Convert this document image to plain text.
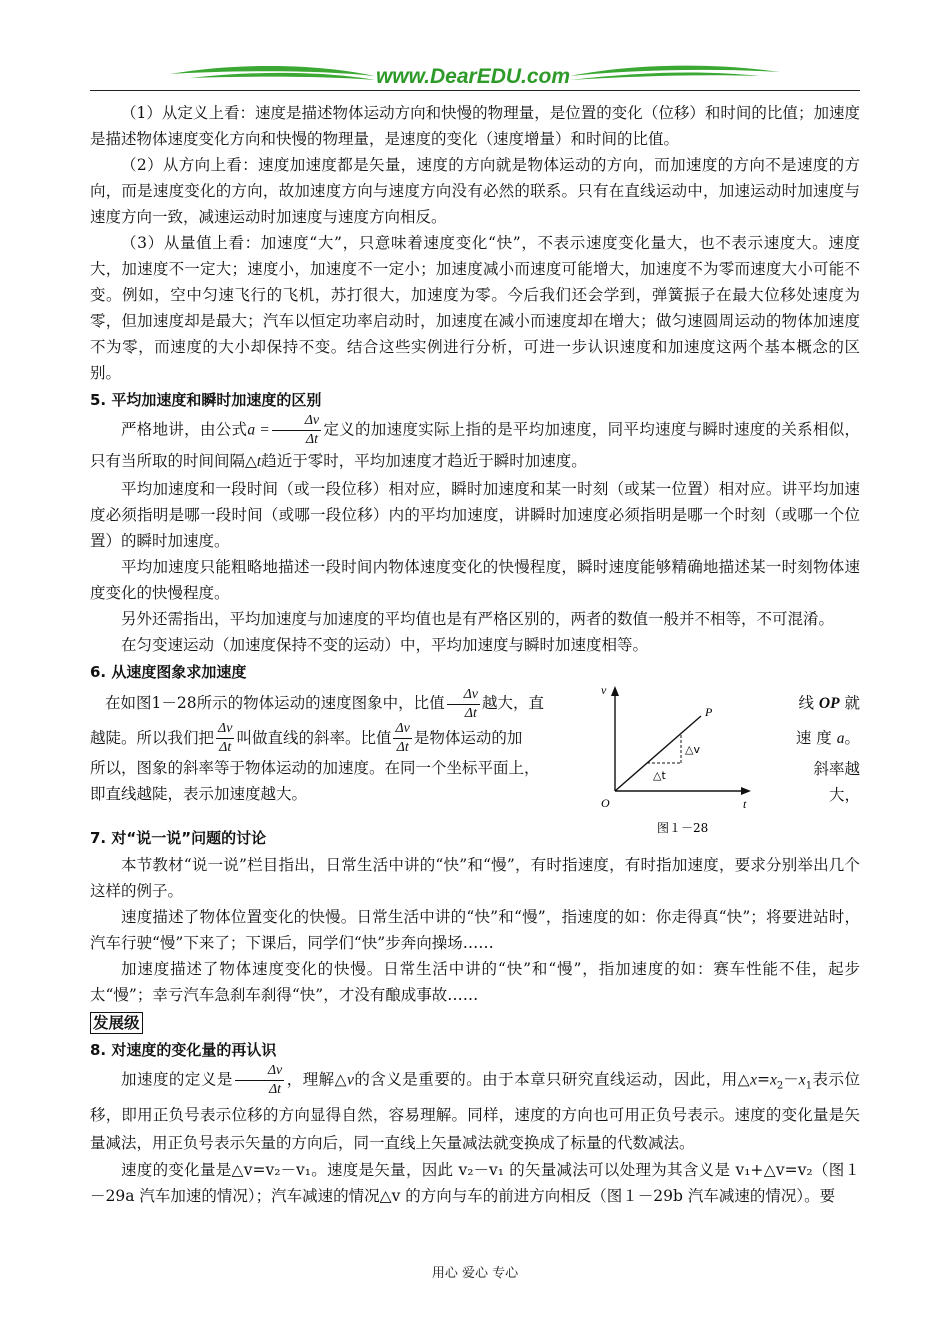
www.DearEDU.com

（1）从定义上看：速度是描述物体运动方向和快慢的物理量，是位置的变化（位移）和时间的比值；加速度是描述物体速度变化方向和快慢的物理量，是速度的变化（速度增量）和时间的比值。

（2）从方向上看：速度加速度都是矢量，速度的方向就是物体运动的方向，而加速度的方向不是速度的方向，而是速度变化的方向，故加速度方向与速度方向没有必然的联系。只有在直线运动中，加速运动时加速度与速度方向一致，减速运动时加速度与速度方向相反。

（3）从量值上看：加速度“大”，只意味着速度变化“快”，不表示速度变化量大，也不表示速度大。速度大，加速度不一定大；速度小，加速度不一定小；加速度减小而速度可能增大，加速度不为零而速度大小可能不变。例如，空中匀速飞行的飞机，苏打很大，加速度为零。今后我们还会学到，弹簧振子在最大位移处速度为零，但加速度却是最大；汽车以恒定功率启动时，加速度在减小而速度却在增大；做匀速圆周运动的物体加速度不为零，而速度的大小却保持不变。结合这些实例进行分析，可进一步认识速度和加速度这两个基本概念的区别。

5. 平均加速度和瞬时加速度的区别

严格地讲，由公式$a = \frac{\Delta v}{\Delta t}$ 定义的加速度实际上指的是平均加速度，同平均速度与瞬时速度的关系相似，只有当所取的时间间隔△t趋近于零时，平均加速度才趋近于瞬时加速度。

平均加速度和一段时间（或一段位移）相对应，瞬时加速度和某一时刻（或某一位置）相对应。讲平均加速度必须指明是哪一段时间（或哪一段位移）内的平均加速度，讲瞬时加速度必须指明是哪一个时刻（或哪一个位置）的瞬时加速度。

平均加速度只能粗略地描述一段时间内物体速度变化的快慢程度，瞬时速度能够精确地描述某一时刻物体速度变化的快慢程度。

另外还需指出，平均加速度与加速度的平均值也是有严格区别的，两者的数值一般并不相等，不可混淆。

在匀变速运动（加速度保持不变的运动）中，平均加速度与瞬时加速度相等。

6. 从速度图象求加速度

在如图1－28所示的物体运动的速度图象中，比值 $\frac{\Delta v}{\Delta t}$ 越大，直

越陡。所以我们把 $\frac{\Delta v}{\Delta t}$ 叫做直线的斜率。比值 $\frac{\Delta v}{\Delta t}$ 是物体运动的加

所以，图象的斜率等于物体运动的加速度。在同一个坐标平面上，

即直线越陡，表示加速度越大。

v
t
O
P
△v
△t
图１－28

线 OP 就

速 度 a。

斜率越大，

7. 对“说一说”问题的讨论

本节教材“说一说”栏目指出，日常生活中讲的“快”和“慢”，有时指速度，有时指加速度，要求分别举出几个这样的例子。

速度描述了物体位置变化的快慢。日常生活中讲的“快”和“慢”，指速度的如：你走得真“快”；将要进站时，汽车行驶“慢”下来了；下课后，同学们“快”步奔向操场……

加速度描述了物体速度变化的快慢。日常生活中讲的“快”和“慢”，指加速度的如：赛车性能不佳，起步太“慢”；幸亏汽车急刹车刹得“快”，才没有酿成事故……

发展级
8. 对速度的变化量的再认识

加速度的定义是 $\frac{\Delta v}{\Delta t}$ ，理解△v的含义是重要的。由于本章只研究直线运动，因此，用$\triangle x=x_2-x_1$表示位移，即用正负号表示位移的方向显得自然，容易理解。同样，速度的方向也可用正负号表示。速度的变化量是矢量减法，用正负号表示矢量的方向后，同一直线上矢量减法就变换成了标量的代数减法。

速度的变化量是△v=v₂－v₁。速度是矢量，因此 v₂－v₁ 的矢量减法可以处理为其含义是 v₁+△v=v₂（图１－29a 汽车加速的情况）；汽车减速的情况△v 的方向与车的前进方向相反（图１－29b 汽车减速的情况）。要

用心 爱心 专心
